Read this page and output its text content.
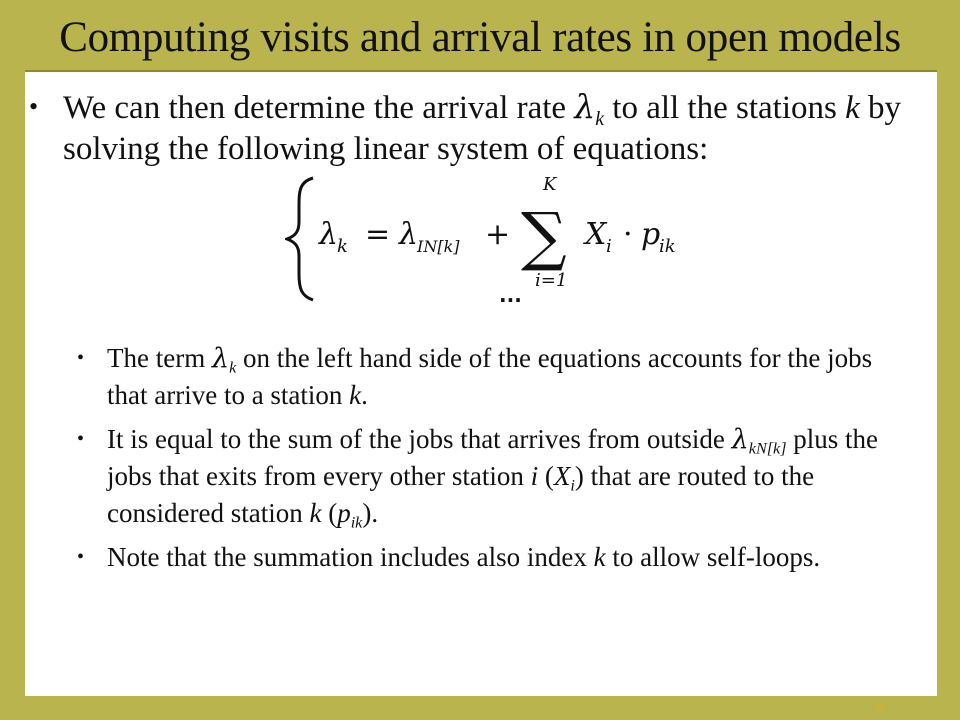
Computing visits and arrival rates in open models
• We can then determine the arrival rate $\lambda_k$ to all the stations k by solving the following linear system of equations:
λ
k = λ
IN[k] +
K
∑
i=1
X i · p
ik
...
• The term $\lambda_k$ on the left hand side of the equations accounts for the jobs that arrive to a station k.
• It is equal to the sum of the jobs that arrives from outside $\lambda_{kN[k]}$ plus the jobs that exits from every other station i $(X_i)$ that are routed to the considered station k $(p_{ik})$.
• Note that the summation includes also index k to allow self-loops.
5
